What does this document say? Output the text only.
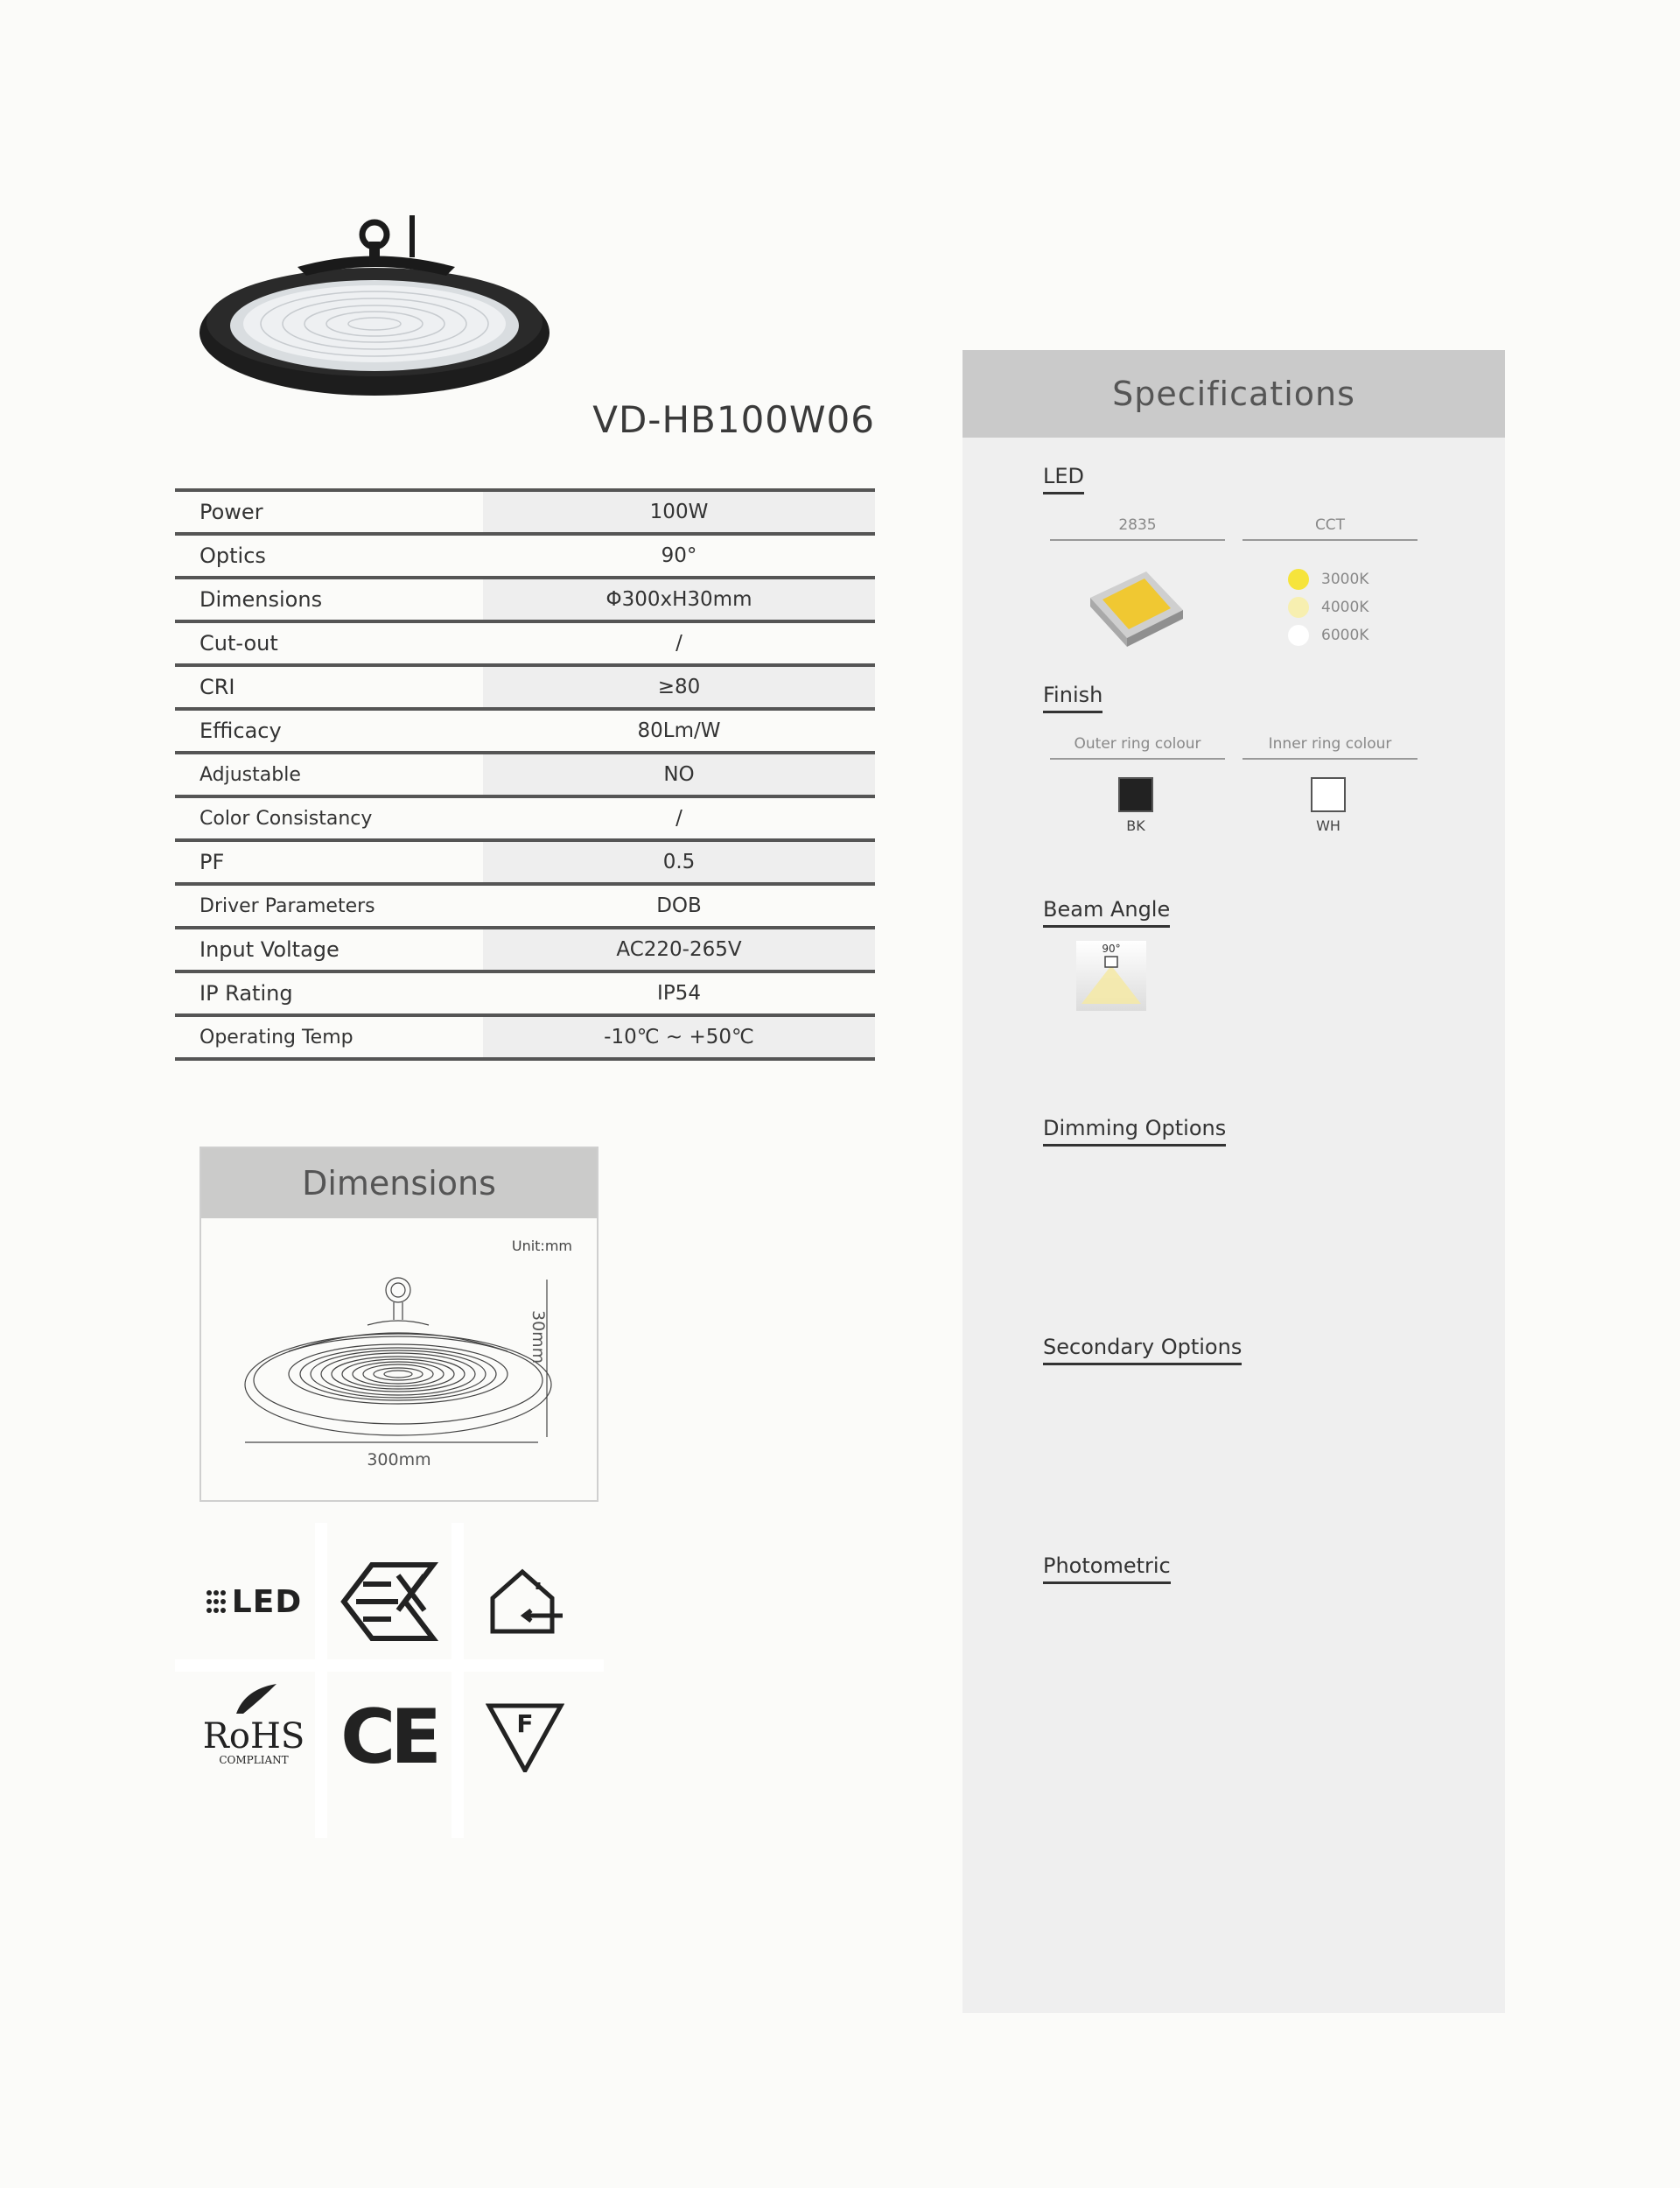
VD-HB100W06
Power	100W
Optics	90°
Dimensions	Φ300xH30mm
Cut-out	/
CRI	≥80
Efficacy	80Lm/W
Adjustable	NO
Color Consistancy	/
PF	0.5
Driver Parameters	DOB
Input Voltage	AC220-265V
IP Rating	IP54
Operating Temp	-10℃ ~ +50℃
Dimensions
Unit:mm
300mm
30mm
LED
RoHS
COMPLIANT CE	F
Specifications
LED
2835	CCT
3000K
4000K
6000K
Finish
Outer ring colour	Inner ring colour
BK	WH
Beam Angle
90°
Dimming Options
Secondary Options
Photometric
